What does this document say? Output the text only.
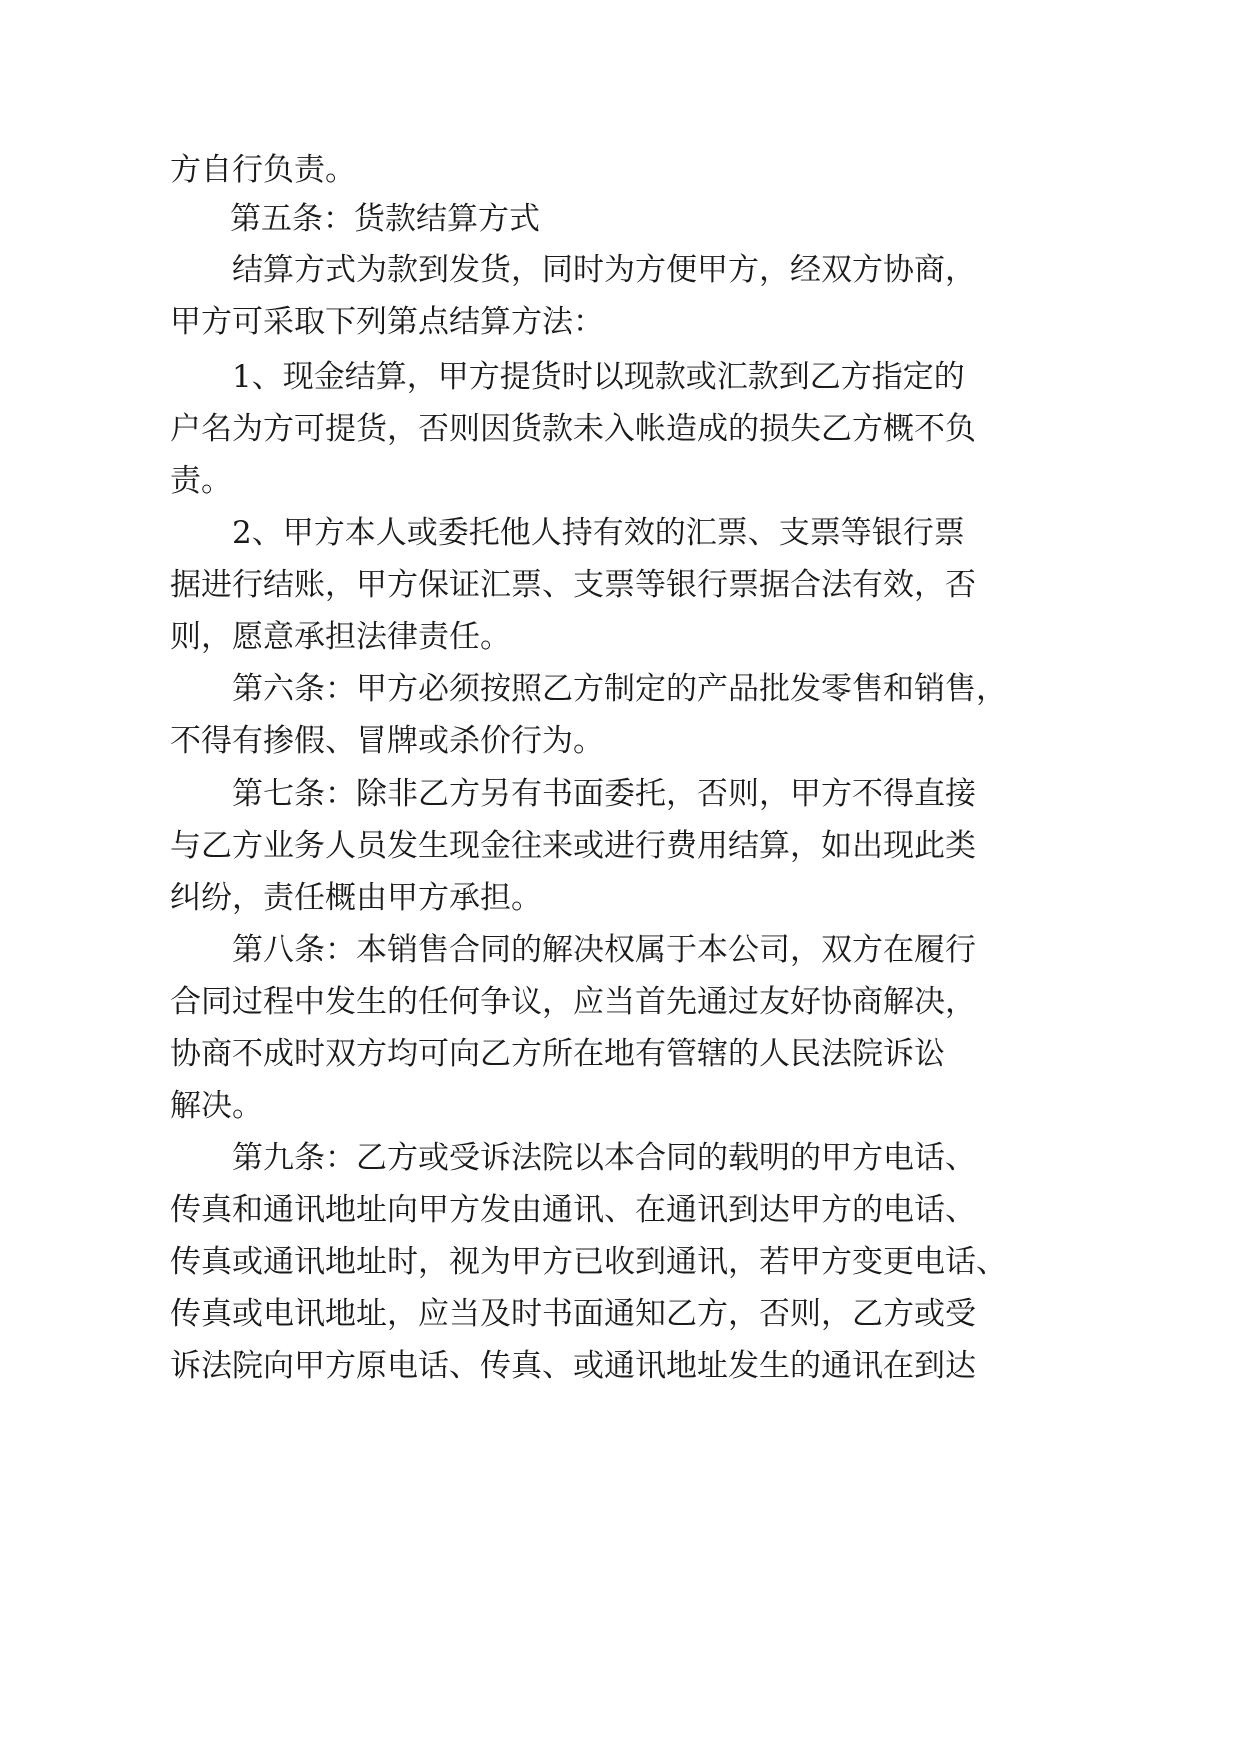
方自行负责。
第五条：货款结算方式
结算方式为款到发货，同时为方便甲方，经双方协商，
甲方可采取下列第点结算方法：
1、现金结算，甲方提货时以现款或汇款到乙方指定的
户名为方可提货，否则因货款未入帐造成的损失乙方概不负
责。
2、甲方本人或委托他人持有效的汇票、支票等银行票
据进行结账，甲方保证汇票、支票等银行票据合法有效，否
则，愿意承担法律责任。
第六条：甲方必须按照乙方制定的产品批发零售和销售，
不得有掺假、冒牌或杀价行为。
第七条：除非乙方另有书面委托，否则，甲方不得直接
与乙方业务人员发生现金往来或进行费用结算，如出现此类
纠纷，责任概由甲方承担。
第八条：本销售合同的解决权属于本公司，双方在履行
合同过程中发生的任何争议，应当首先通过友好协商解决，
协商不成时双方均可向乙方所在地有管辖的人民法院诉讼
解决。
第九条：乙方或受诉法院以本合同的载明的甲方电话、
传真和通讯地址向甲方发由通讯、在通讯到达甲方的电话、
传真或通讯地址时，视为甲方已收到通讯，若甲方变更电话、
传真或电讯地址，应当及时书面通知乙方，否则，乙方或受
诉法院向甲方原电话、传真、或通讯地址发生的通讯在到达
